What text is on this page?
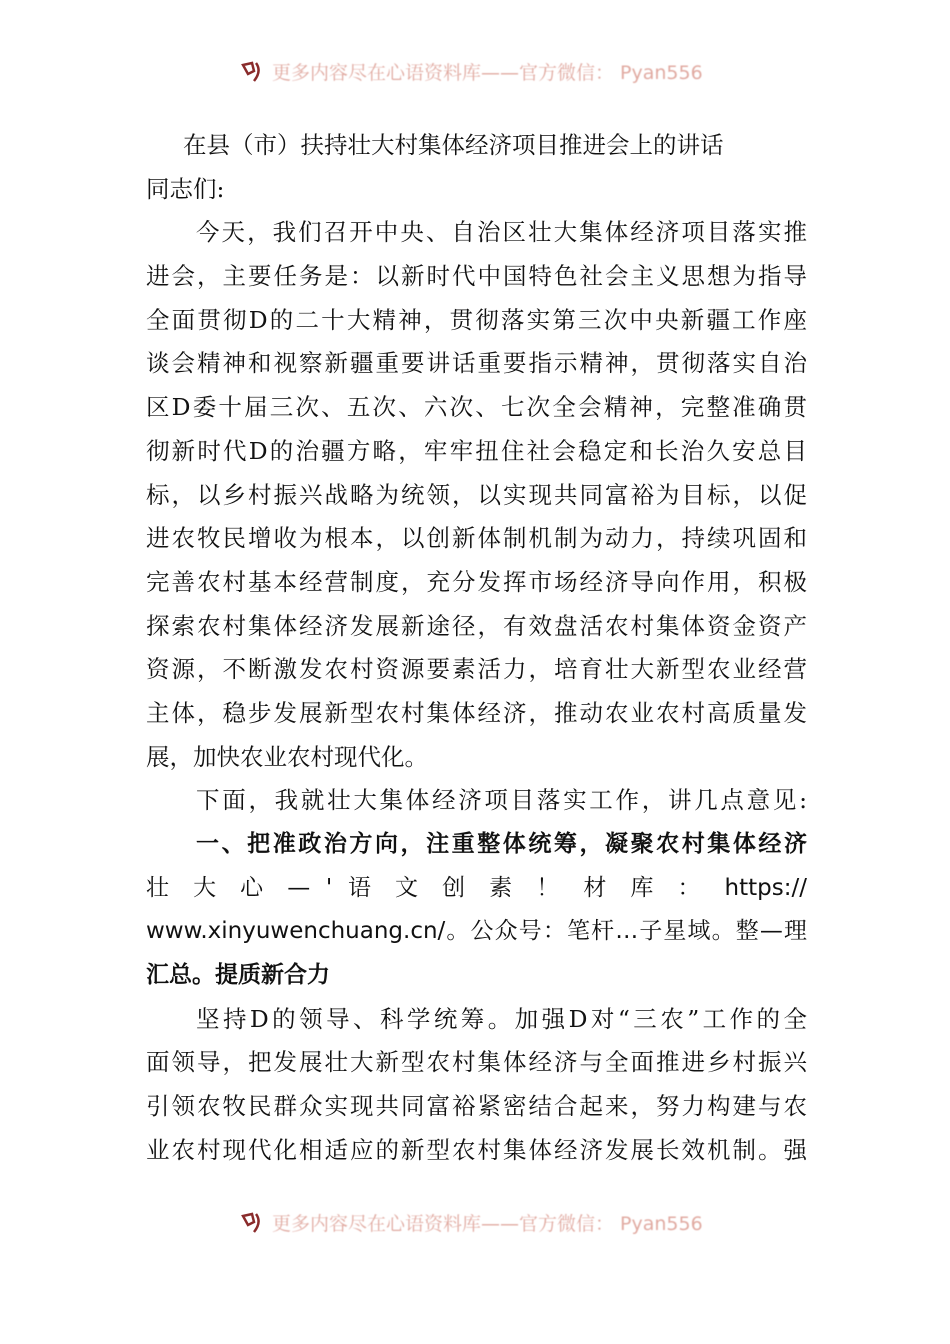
更多内容尽在心语资料库——官方微信： Pyan556
在县（市）扶持壮大村集体经济项目推进会上的讲话
同志们:
今天，我们召开中央、自治区壮大集体经济项目落实推
进会，主要任务是：以新时代中国特色社会主义思想为指导
全面贯彻D的二十大精神，贯彻落实第三次中央新疆工作座
谈会精神和视察新疆重要讲话重要指示精神，贯彻落实自治
区D委十届三次、五次、六次、七次全会精神，完整准确贯
彻新时代D的治疆方略，牢牢扭住社会稳定和长治久安总目
标，以乡村振兴战略为统领，以实现共同富裕为目标，以促
进农牧民增收为根本，以创新体制机制为动力，持续巩固和
完善农村基本经营制度，充分发挥市场经济导向作用，积极
探索农村集体经济发展新途径，有效盘活农村集体资金资产
资源，不断激发农村资源要素活力，培育壮大新型农业经营
主体，稳步发展新型农村集体经济，推动农业农村高质量发
展，加快农业农村现代化。
下面，我就壮大集体经济项目落实工作，讲几点意见:
一、把准政治方向，注重整体统筹，凝聚农村集体经济
壮 大 心 — ' 语 文 创 素 ！ 材 库 ： https://
www.xinyuwenchuang.cn/。公众号：笔杆…子星域。整—理
汇总。提质新合力
坚持D的领导、科学统筹。加强D对“三农”工作的全
面领导，把发展壮大新型农村集体经济与全面推进乡村振兴
引领农牧民群众实现共同富裕紧密结合起来，努力构建与农
业农村现代化相适应的新型农村集体经济发展长效机制。强
更多内容尽在心语资料库——官方微信： Pyan556
